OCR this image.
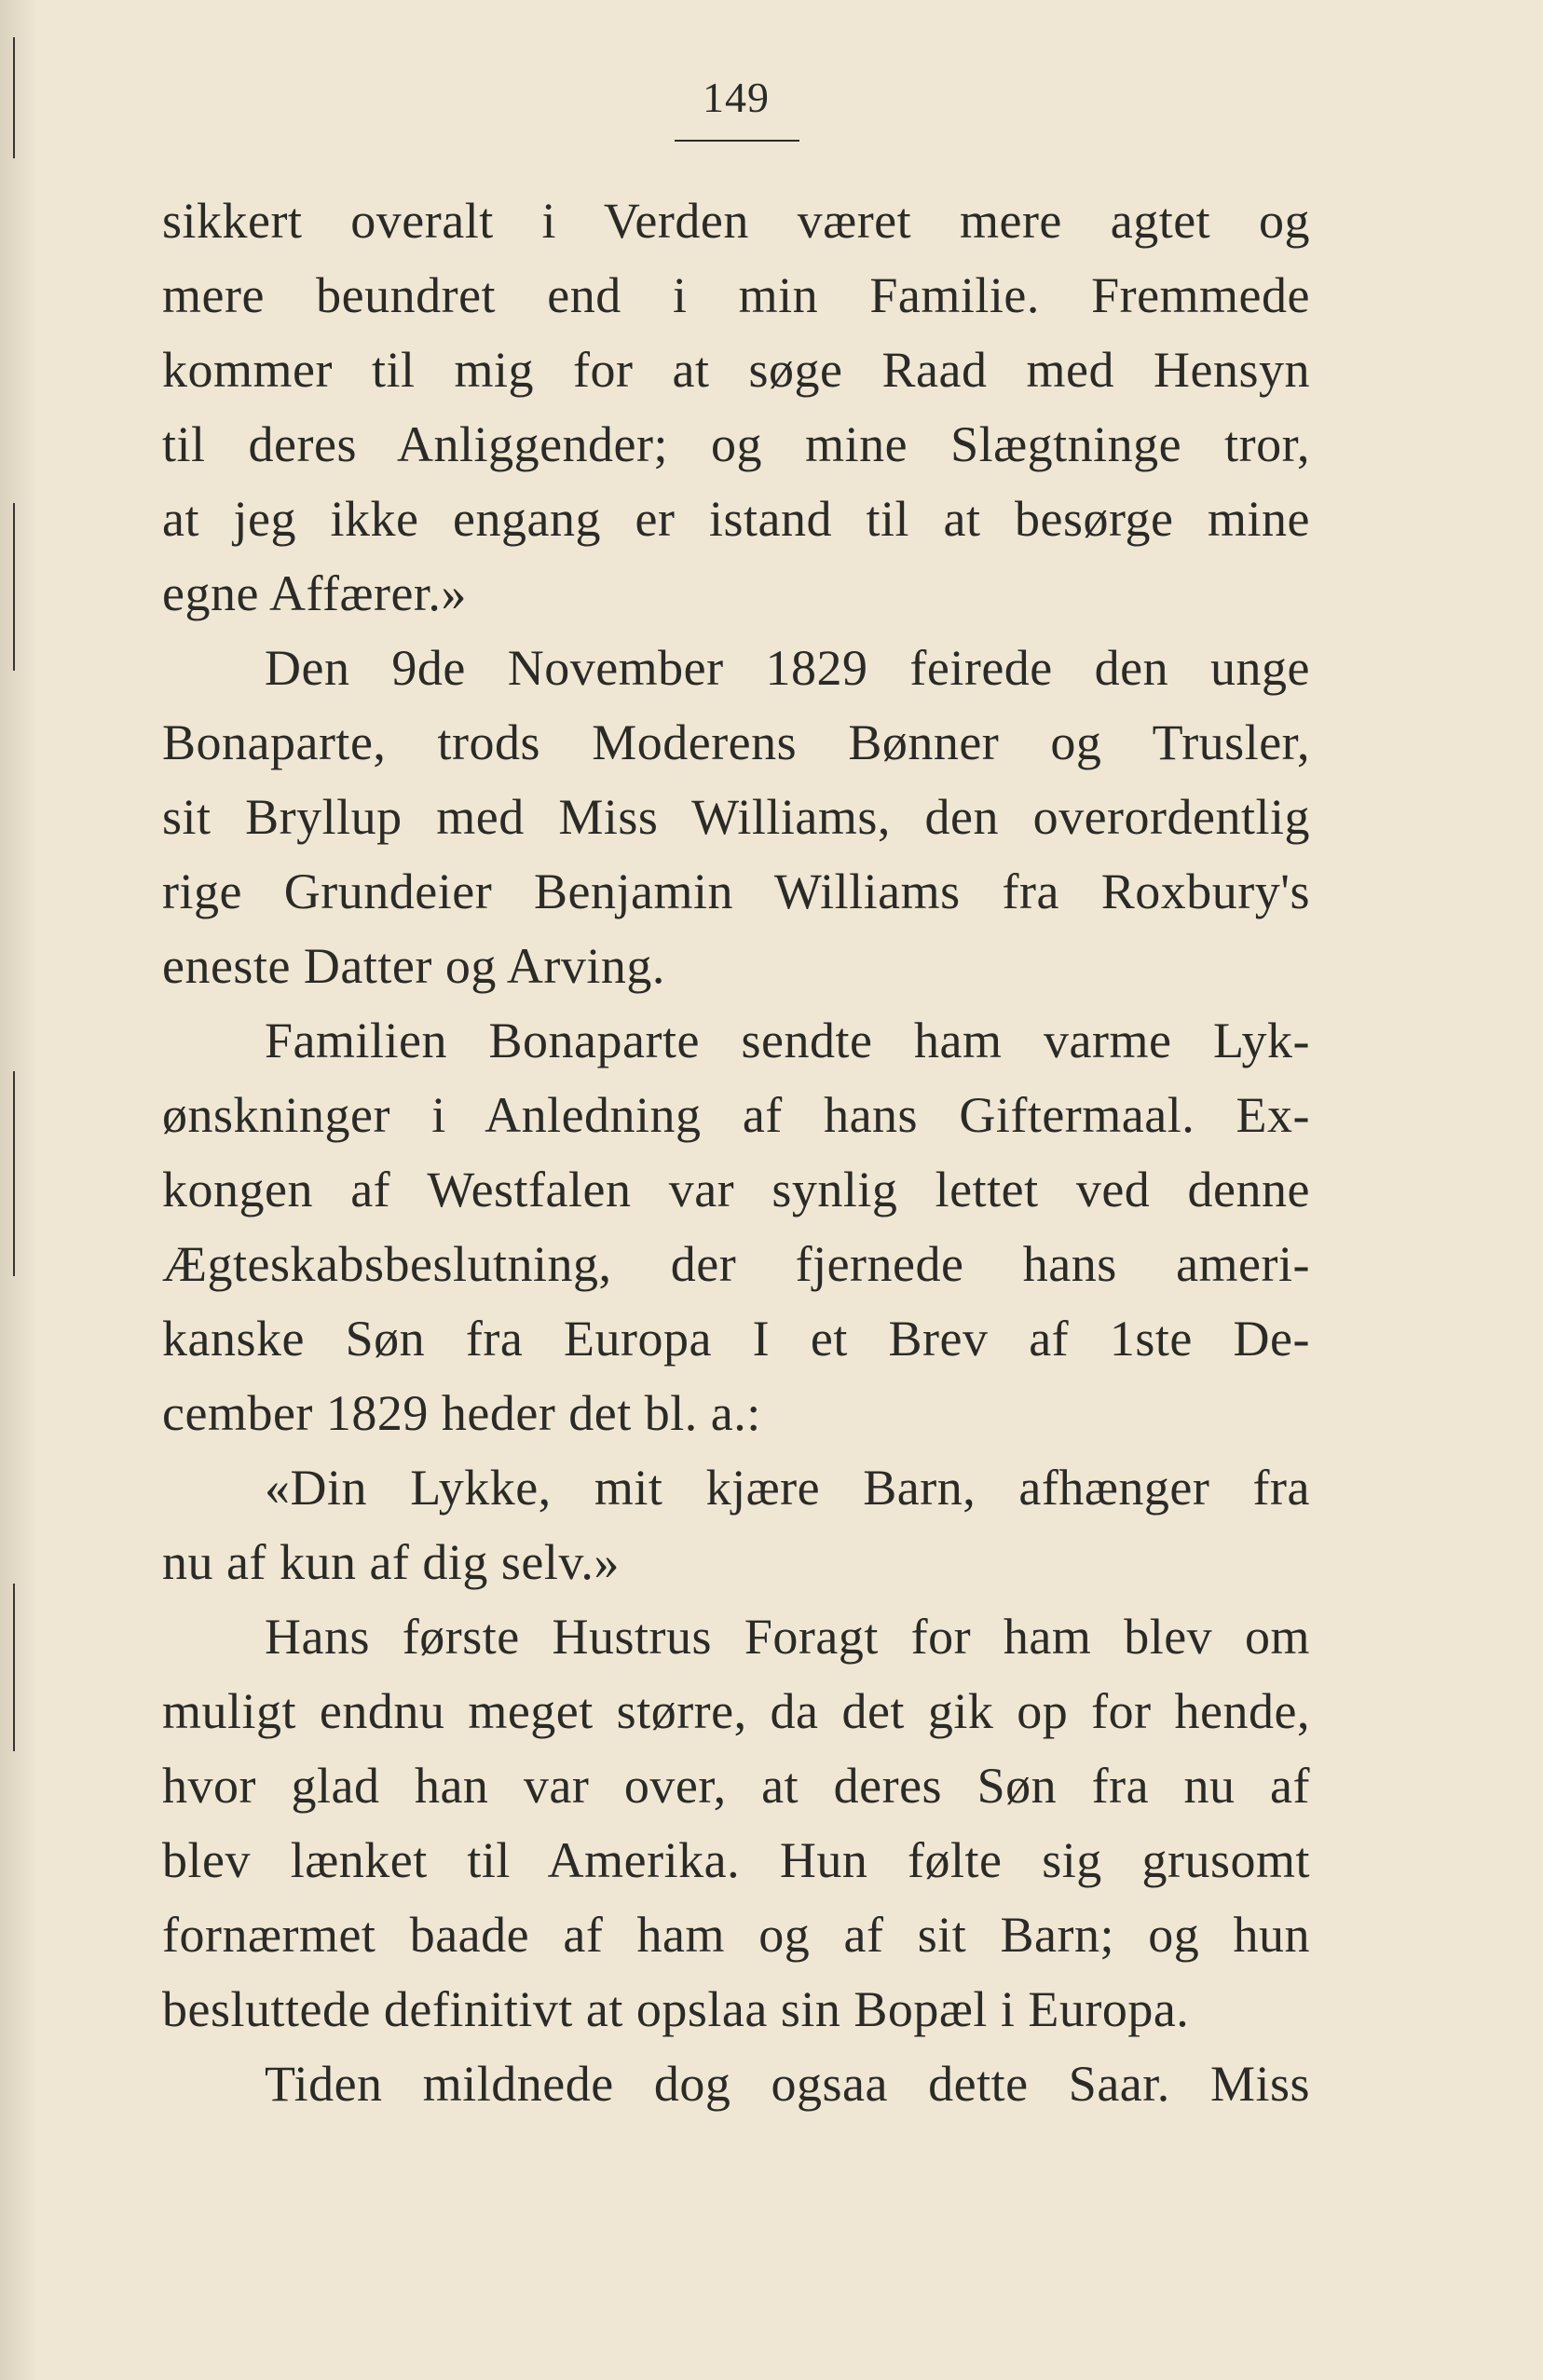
149
sikkert overalt i Verden været mere agtet og
mere beundret end i min Familie. Fremmede
kommer til mig for at søge Raad med Hensyn
til deres Anliggender; og mine Slægtninge tror,
at jeg ikke engang er istand til at besørge mine
egne Affærer.»
Den 9de November 1829 feirede den unge
Bonaparte, trods Moderens Bønner og Trusler,
sit Bryllup med Miss Williams, den overordentlig
rige Grundeier Benjamin Williams fra Roxbury's
eneste Datter og Arving.
Familien Bonaparte sendte ham varme Lyk-
ønskninger i Anledning af hans Giftermaal. Ex-
kongen af Westfalen var synlig lettet ved denne
Ægteskabsbeslutning, der fjernede hans ameri-
kanske Søn fra Europa I et Brev af 1ste De-
cember 1829 heder det bl. a.:
«Din Lykke, mit kjære Barn, afhænger fra
nu af kun af dig selv.»
Hans første Hustrus Foragt for ham blev om
muligt endnu meget større, da det gik op for hende,
hvor glad han var over, at deres Søn fra nu af
blev lænket til Amerika. Hun følte sig grusomt
fornærmet baade af ham og af sit Barn; og hun
besluttede definitivt at opslaa sin Bopæl i Europa.
Tiden mildnede dog ogsaa dette Saar. Miss
